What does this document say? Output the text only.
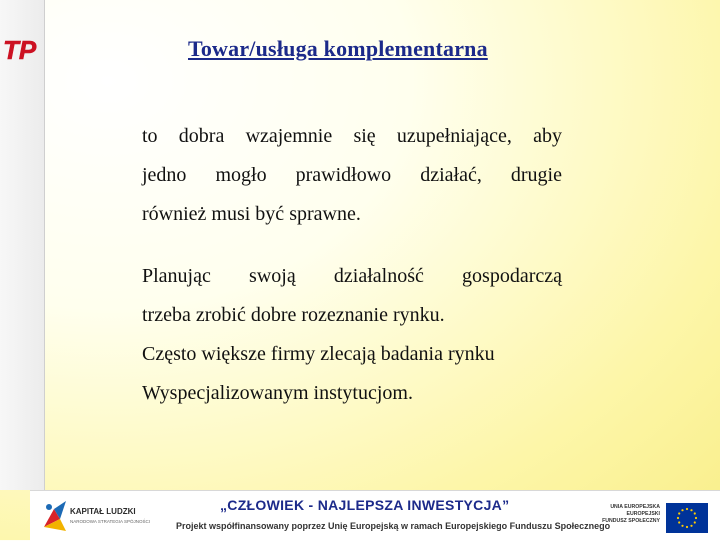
TP	Towar/usługa komplementarna
to dobra wzajemnie się uzupełniające, aby
jedno mogło prawidłowo działać, drugie
również musi być sprawne.
Planując swoją działalność gospodarczą
trzeba zrobić dobre rozeznanie rynku.
Często większe firmy zlecają badania rynku
Wyspecjalizowanym instytucjom.
KAPITAŁ LUDZKI
NARODOWA STRATEGIA SPÓJNOŚCI
„CZŁOWIEK - NAJLEPSZA INWESTYCJA”
Projekt współfinansowany poprzez Unię Europejską w ramach Europejskiego Funduszu Społecznego
UNIA EUROPEJSKA
EUROPEJSKI
FUNDUSZ SPOŁECZNY
